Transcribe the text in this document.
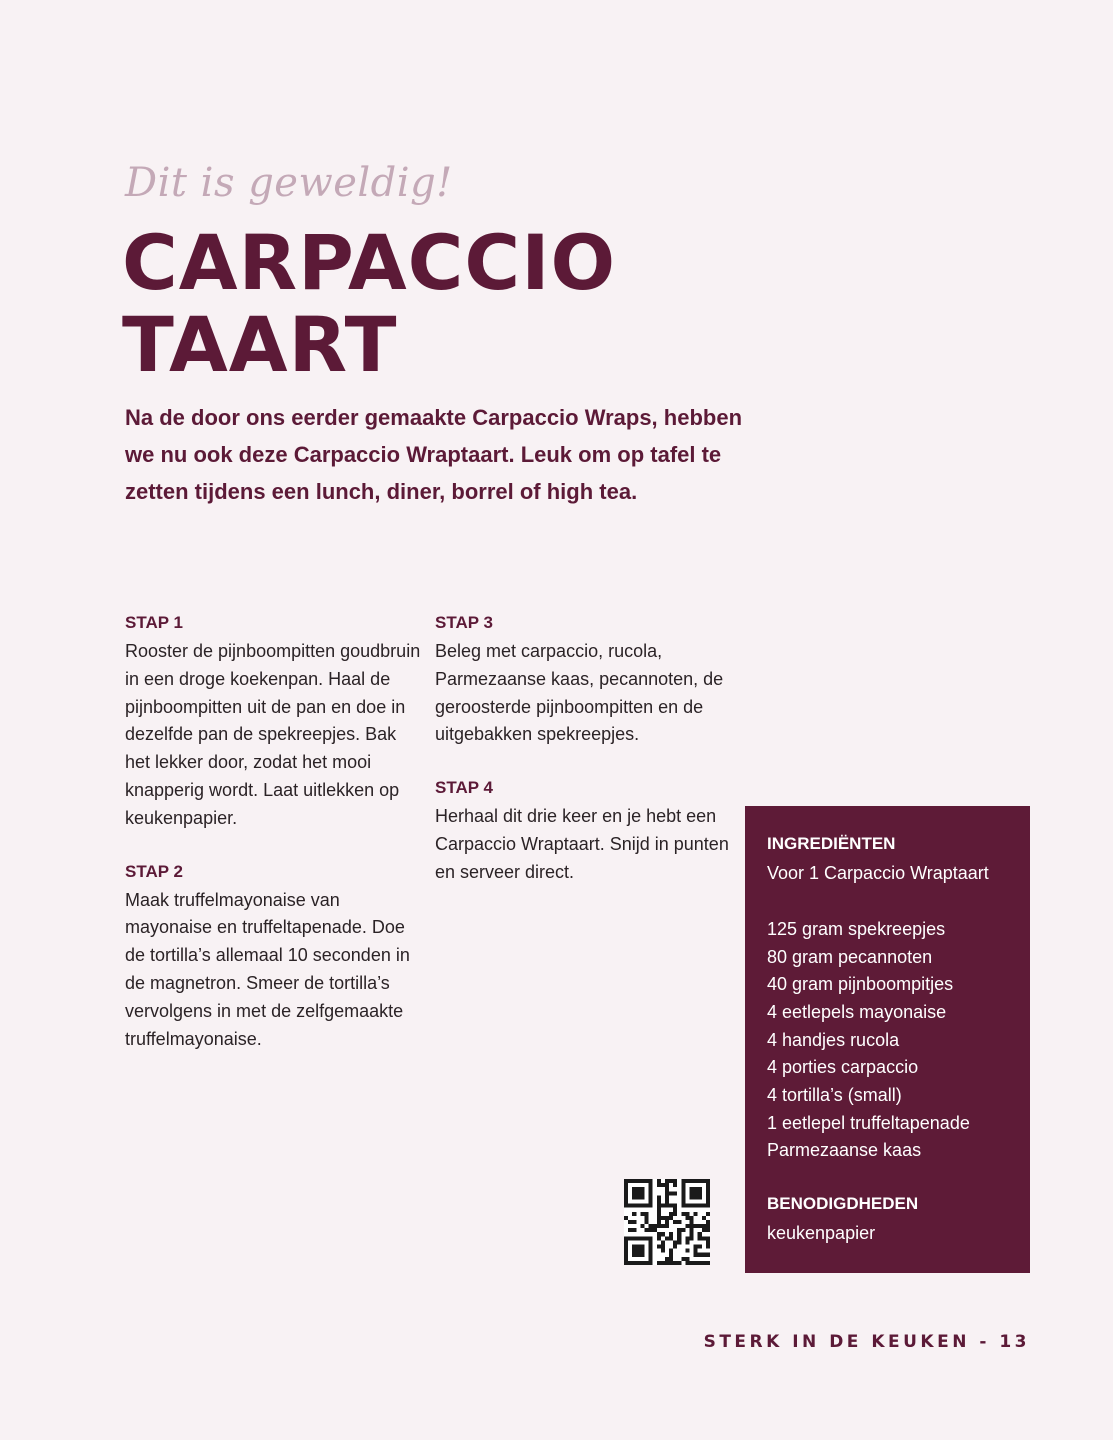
Dit is geweldig!
CARPACCIO
TAART

Na de door ons eerder gemaakte Carpaccio Wraps, hebben we nu ook deze Carpaccio Wraptaart. Leuk om op tafel te zetten tijdens een lunch, diner, borrel of high tea.

STAP 1

Rooster de pijnboompitten goudbruin in een droge koekenpan. Haal de pijnboompitten uit de pan en doe in dezelfde pan de spekreepjes. Bak het lekker door, zodat het mooi knapperig wordt. Laat uitlekken op keukenpapier.

STAP 2

Maak truffelmayonaise van mayonaise en truffeltapenade. Doe de tortilla’s allemaal 10 seconden in de magnetron. Smeer de tortilla’s vervolgens in met de zelfgemaakte truffelmayonaise.

STAP 3

Beleg met carpaccio, rucola, Parmezaanse kaas, pecannoten, de geroosterde pijnboompitten en de uitgebakken spekreepjes.

STAP 4

Herhaal dit drie keer en je hebt een Carpaccio Wraptaart. Snijd in punten en serveer direct.

INGREDIËNTEN

Voor 1 Carpaccio Wraptaart

125 gram spekreepjes
80 gram pecannoten
40 gram pijnboompitjes
4 eetlepels mayonaise
4 handjes rucola
4 porties carpaccio
4 tortilla’s (small)
1 eetlepel truffeltapenade
Parmezaanse kaas

BENODIGDHEDEN

keukenpapier

STERK IN DE KEUKEN - 13
